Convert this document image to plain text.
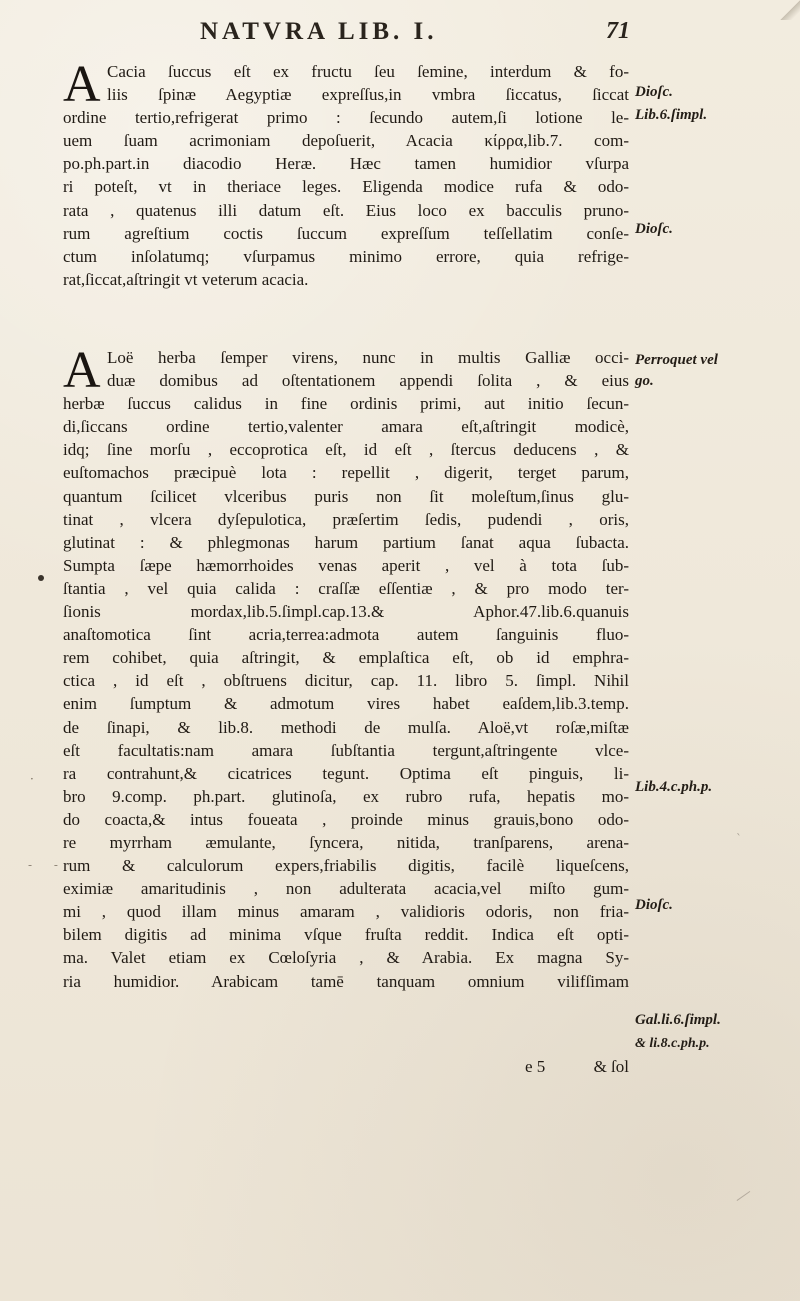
NATVRA LIB. I.	71
A Cacia ſuccus eſt ex fructu ſeu ſemine, interdum & fo-
liis ſpinæ Aegyptiæ expreſſus,in vmbra ſiccatus, ſiccat
ordine tertio,refrigerat primo : ſecundo autem,ſi lotione le-
uem ſuam acrimoniam depoſuerit, Acacia κίρρα,lib.7. com-
po.ph.part.in diacodio Heræ. Hæc tamen humidior vſurpa
ri poteſt, vt in theriace leges. Eligenda modice rufa & odo-
rata , quatenus illi datum eſt. Eius loco ex bacculis pruno-
rum agreſtium coctis ſuccum expreſſum teſſellatim conſe-
ctum inſolatumq; vſurpamus minimo errore, quia refrige-
rat,ſiccat,aſtringit vt veterum acacia.
A Loë herba ſemper virens, nunc in multis Galliæ occi-
duæ domibus ad oſtentationem appendi ſolita , & eius
herbæ ſuccus calidus in fine ordinis primi, aut initio ſecun-
di,ſiccans ordine tertio,valenter amara eſt,aſtringit modicè,
idq; ſine morſu , eccoprotica eſt, id eſt , ſtercus deducens , &
euſtomachos præcipuè lota : repellit , digerit, terget parum,
quantum ſcilicet vlceribus puris non ſit moleſtum,ſinus glu-
tinat , vlcera dyſepulotica, præſertim ſedis, pudendi , oris,
glutinat : & phlegmonas harum partium ſanat aqua ſubacta.
Sumpta ſæpe hæmorrhoides venas aperit , vel à tota ſub-
ſtantia , vel quia calida : craſſæ eſſentiæ , & pro modo ter-
ſionis mordax,lib.5.ſimpl.cap.13.& Aphor.47.lib.6.quanuis
anaſtomotica ſint acria,terrea:admota autem ſanguinis fluo-
rem cohibet, quia aſtringit, & emplaſtica eſt, ob id emphra-
ctica , id eſt , obſtruens dicitur, cap. 11. libro 5. ſimpl. Nihil
enim ſumptum & admotum vires habet eaſdem,lib.3.temp.
de ſinapi, & lib.8. methodi de mulſa. Aloë,vt roſæ,miſtæ
eſt facultatis:nam amara ſubſtantia tergunt,aſtringente vlce-
ra contrahunt,& cicatrices tegunt. Optima eſt pinguis, li-
bro 9.comp. ph.part. glutinoſa, ex rubro rufa, hepatis mo-
do coacta,& intus foueata , proinde minus grauis,bono odo-
re myrrham æmulante, ſyncera, nitida, tranſparens, arena-
rum & calculorum expers,friabilis digitis, facilè liqueſcens,
eximiæ amaritudinis , non adulterata acacia,vel miſto gum-
mi , quod illam minus amaram , validioris odoris, non fria-
bilem digitis ad minima vſque fruſta reddit. Indica eſt opti-
ma. Valet etiam ex Cœloſyria , & Arabia. Ex magna Sy-
ria humidior. Arabicam tamē tanquam omnium vilifſimam
Dioſc.
Lib.6.ſimpl.
Dioſc.
Perroquet vel
go.
Lib.4.c.ph.p.
Dioſc.
Gal.li.6.ſimpl.
& li.8.c.ph.p.
·
- -
ˋ
e 5	& ſol
